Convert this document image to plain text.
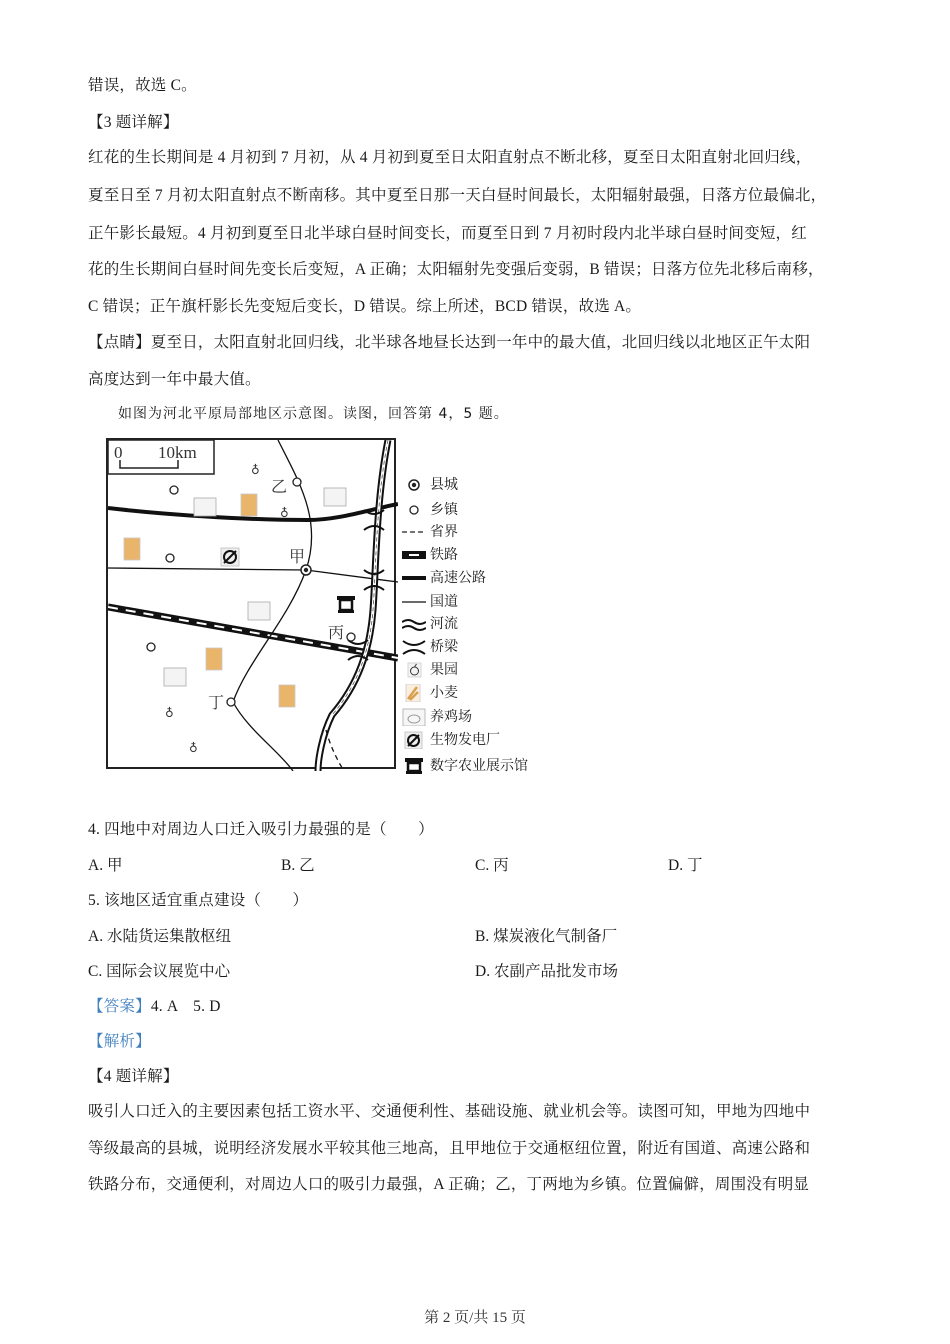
错误，故选 C。
【3 题详解】
红花的生长期间是 4 月初到 7 月初，从 4 月初到夏至日太阳直射点不断北移，夏至日太阳直射北回归线，
夏至日至 7 月初太阳直射点不断南移。其中夏至日那一天白昼时间最长，太阳辐射最强，日落方位最偏北，
正午影长最短。4 月初到夏至日北半球白昼时间变长，而夏至日到 7 月初时段内北半球白昼时间变短，红
花的生长期间白昼时间先变长后变短，A 正确；太阳辐射先变强后变弱，B 错误；日落方位先北移后南移，
C 错误；正午旗杆影长先变短后变长，D 错误。综上所述，BCD 错误，故选 A。
【点睛】夏至日，太阳直射北回归线，北半球各地昼长达到一年中的最大值，北回归线以北地区正午太阳
高度达到一年中最大值。
如图为河北平原局部地区示意图。读图，回答第 4，5 题。
♁
♁
♁
♁
0 10km
乙
甲
丙
丁
县城
乡镇
省界
铁路
高速公路
国道
河流
桥梁
果园
小麦
养鸡场
生物发电厂
数字农业展示馆
4. 四地中对周边人口迁入吸引力最强的是（　　）
A. 甲	B. 乙	C. 丙	D. 丁
5. 该地区适宜重点建设（　　）
A. 水陆货运集散枢纽	B. 煤炭液化气制备厂
C. 国际会议展览中心	D. 农副产品批发市场
【答案】4. A　5. D
【解析】
【4 题详解】
吸引人口迁入的主要因素包括工资水平、交通便利性、基础设施、就业机会等。读图可知，甲地为四地中
等级最高的县城，说明经济发展水平较其他三地高，且甲地位于交通枢纽位置，附近有国道、高速公路和
铁路分布，交通便利，对周边人口的吸引力最强，A 正确；乙，丁两地为乡镇。位置偏僻，周围没有明显
第 2 页/共 15 页
